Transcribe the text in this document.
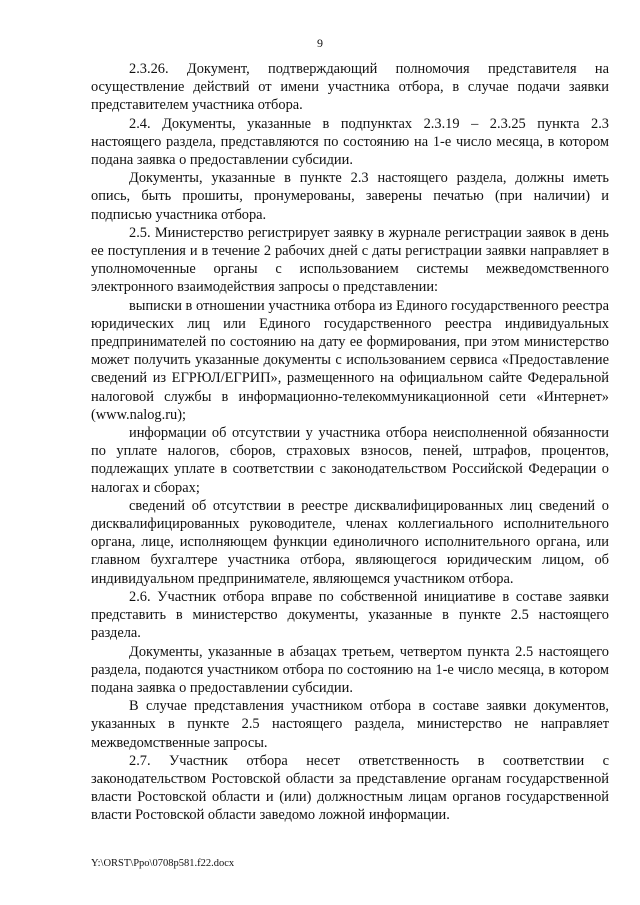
9

2.3.26. Документ, подтверждающий полномочия представителя на осуществление действий от имени участника отбора, в случае подачи заявки представителем участника отбора.

2.4. Документы, указанные в подпунктах 2.3.19 – 2.3.25 пункта 2.3 настоящего раздела, представляются по состоянию на 1-е число месяца, в котором подана заявка о предоставлении субсидии.

Документы, указанные в пункте 2.3 настоящего раздела, должны иметь опись, быть прошиты, пронумерованы, заверены печатью (при наличии) и подписью участника отбора.

2.5. Министерство регистрирует заявку в журнале регистрации заявок в день ее поступления и в течение 2 рабочих дней с даты регистрации заявки направляет в уполномоченные органы с использованием системы межведомственного электронного взаимодействия запросы о представлении:

выписки в отношении участника отбора из Единого государственного реестра юридических лиц или Единого государственного реестра индивидуальных предпринимателей по состоянию на дату ее формирования, при этом министерство может получить указанные документы с использованием сервиса «Предоставление сведений из ЕГРЮЛ/ЕГРИП», размещенного на официальном сайте Федеральной налоговой службы в информационно-телекоммуникационной сети «Интернет» (www.nalog.ru);

информации об отсутствии у участника отбора неисполненной обязанности по уплате налогов, сборов, страховых взносов, пеней, штрафов, процентов, подлежащих уплате в соответствии с законодательством Российской Федерации о налогах и сборах;

сведений об отсутствии в реестре дисквалифицированных лиц сведений о дисквалифицированных руководителе, членах коллегиального исполнительного органа, лице, исполняющем функции единоличного исполнительного органа, или главном бухгалтере участника отбора, являющегося юридическим лицом, об индивидуальном предпринимателе, являющемся участником отбора.

2.6. Участник отбора вправе по собственной инициативе в составе заявки представить в министерство документы, указанные в пункте 2.5 настоящего раздела.

Документы, указанные в абзацах третьем, четвертом пункта 2.5 настоящего раздела, подаются участником отбора по состоянию на 1-е число месяца, в котором подана заявка о предоставлении субсидии.

В случае представления участником отбора в составе заявки документов, указанных в пункте 2.5 настоящего раздела, министерство не направляет межведомственные запросы.

2.7. Участник отбора несет ответственность в соответствии с законодательством Ростовской области за представление органам государственной власти Ростовской области и (или) должностным лицам органов государственной власти Ростовской области заведомо ложной информации.

Y:\ORST\Ppo\0708p581.f22.docx
